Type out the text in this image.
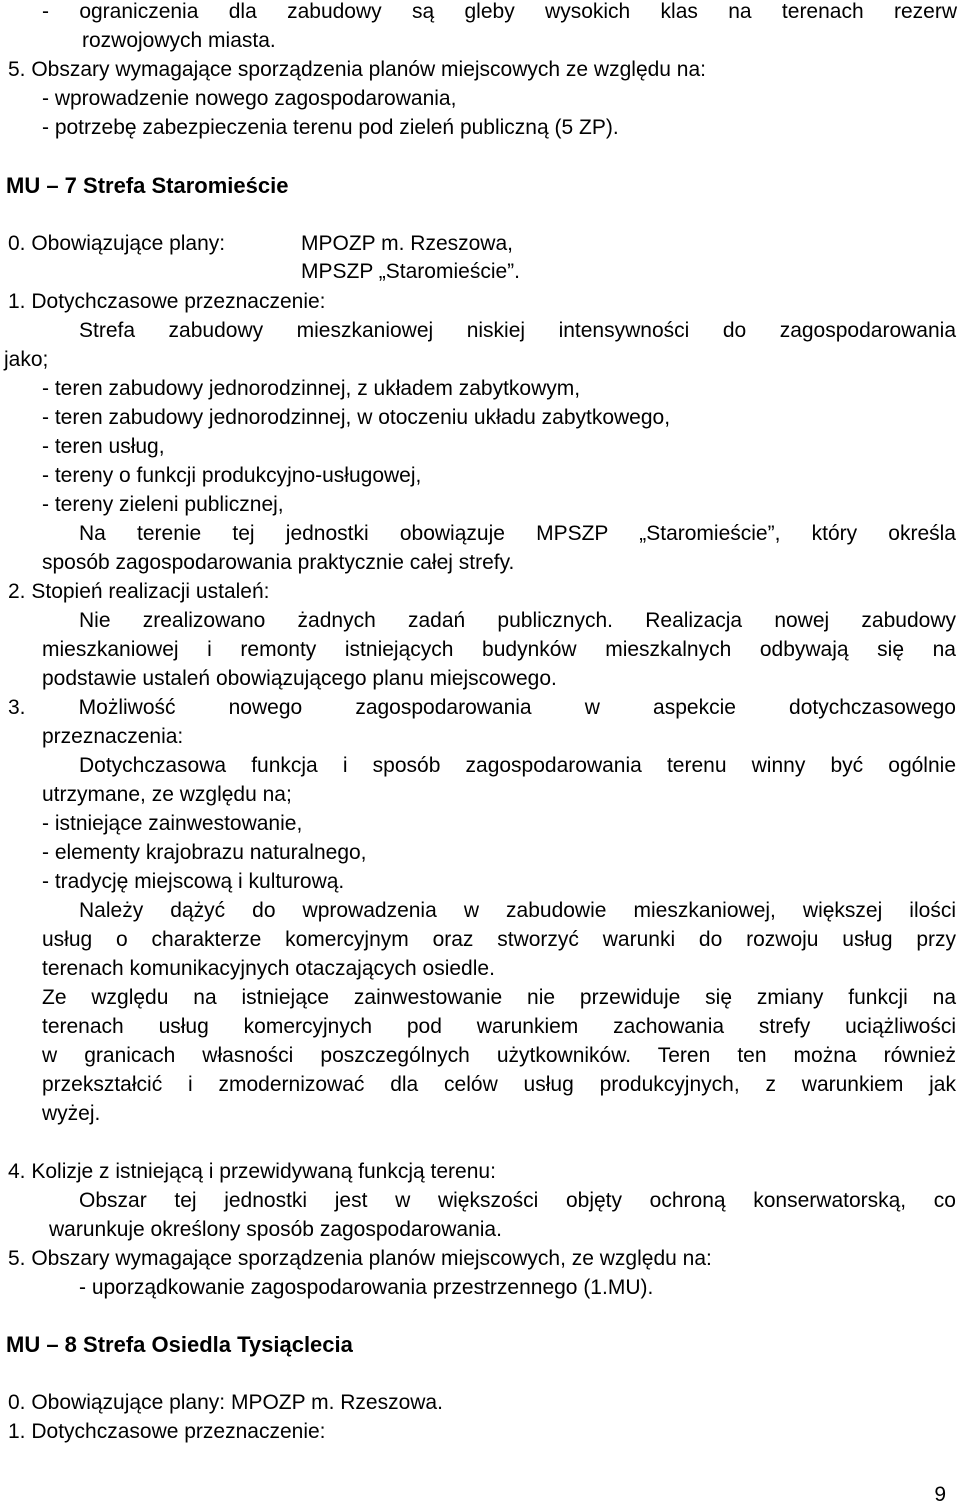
- ograniczenia dla zabudowy są gleby wysokich klas na terenach rezerw
rozwojowych miasta.
5. Obszary wymagające sporządzenia planów miejscowych ze względu na:
- wprowadzenie nowego zagospodarowania,
- potrzebę zabezpieczenia terenu pod zieleń publiczną (5 ZP).
MU – 7 Strefa Staromieście
0. Obowiązujące plany:	MPOZP m. Rzeszowa,
MPSZP „Staromieście”.
1. Dotychczasowe przeznaczenie:
Strefa zabudowy mieszkaniowej niskiej intensywności do zagospodarowania
jako;
- teren zabudowy jednorodzinnej, z układem zabytkowym,
- teren zabudowy jednorodzinnej, w otoczeniu układu zabytkowego,
- teren usług,
- tereny o funkcji produkcyjno-usługowej,
- tereny zieleni publicznej,
Na terenie tej jednostki obowiązuje MPSZP „Staromieście”, który określa
sposób zagospodarowania praktycznie całej strefy.
2. Stopień realizacji ustaleń:
Nie zrealizowano żadnych zadań publicznych. Realizacja nowej zabudowy
mieszkaniowej i remonty istniejących budynków mieszkalnych odbywają się na
podstawie ustaleń obowiązującego planu miejscowego.
3. Możliwość nowego zagospodarowania w aspekcie dotychczasowego
przeznaczenia:
Dotychczasowa funkcja i sposób zagospodarowania terenu winny być ogólnie
utrzymane, ze względu na;
- istniejące zainwestowanie,
- elementy krajobrazu naturalnego,
- tradycję miejscową i kulturową.
Należy dążyć do wprowadzenia w zabudowie mieszkaniowej, większej ilości
usług o charakterze komercyjnym oraz stworzyć warunki do rozwoju usług przy
terenach komunikacyjnych otaczających osiedle.
Ze względu na istniejące zainwestowanie nie przewiduje się zmiany funkcji na
terenach usług komercyjnych pod warunkiem zachowania strefy uciążliwości
w granicach własności poszczególnych użytkowników. Teren ten można również
przekształcić i zmodernizować dla celów usług produkcyjnych, z warunkiem jak
wyżej.
4. Kolizje z istniejącą i przewidywaną funkcją terenu:
Obszar tej jednostki jest w większości objęty ochroną konserwatorską, co
warunkuje określony sposób zagospodarowania.
5. Obszary wymagające sporządzenia planów miejscowych, ze względu na:
- uporządkowanie zagospodarowania przestrzennego (1.MU).
MU – 8 Strefa Osiedla Tysiąclecia
0. Obowiązujące plany: MPOZP m. Rzeszowa.
1. Dotychczasowe przeznaczenie:
9
